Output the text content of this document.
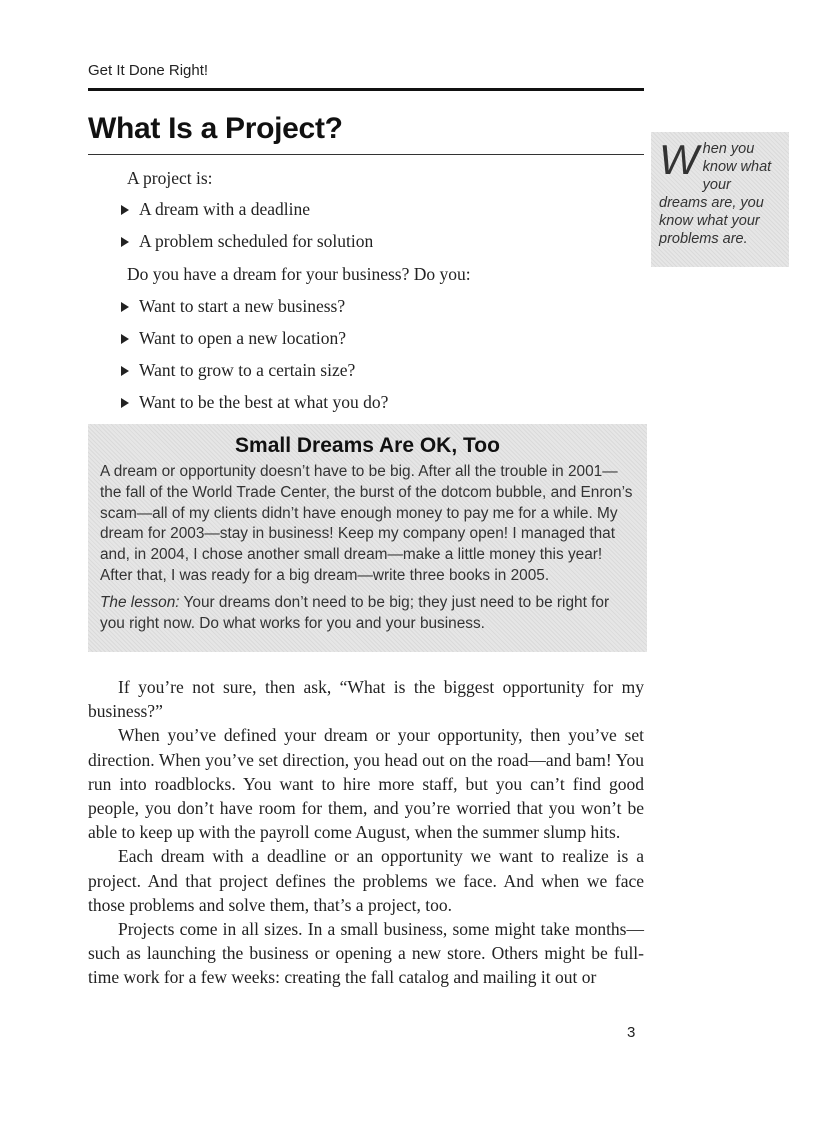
Get It Done Right!
What Is a Project?

A project is:

A dream with a deadline
A problem scheduled for solution

Do you have a dream for your business? Do you:

Want to start a new business?
Want to open a new location?
Want to grow to a certain size?
Want to be the best at what you do?
W hen you know what your dreams are, you know what your problems are.
Small Dreams Are OK, Too

A dream or opportunity doesn’t have to be big. After all the trouble in 2001—the fall of the World Trade Center, the burst of the dotcom bubble, and Enron’s scam—all of my clients didn’t have enough money to pay me for a while. My dream for 2003—stay in business! Keep my company open! I managed that and, in 2004, I chose another small dream—make a little money this year! After that, I was ready for a big dream—write three books in 2005.

The lesson: Your dreams don’t need to be big; they just need to be right for you right now. Do what works for you and your business.

If you’re not sure, then ask, “What is the biggest opportunity for my business?”

When you’ve defined your dream or your opportunity, then you’ve set direction. When you’ve set direction, you head out on the road—and bam! You run into roadblocks. You want to hire more staff, but you can’t find good people, you don’t have room for them, and you’re worried that you won’t be able to keep up with the payroll come August, when the summer slump hits.

Each dream with a deadline or an opportunity we want to realize is a project. And that project defines the problems we face. And when we face those problems and solve them, that’s a project, too.

Projects come in all sizes. In a small business, some might take months—such as launching the business or opening a new store. Others might be full-time work for a few weeks: creating the fall catalog and mailing it out or

3
